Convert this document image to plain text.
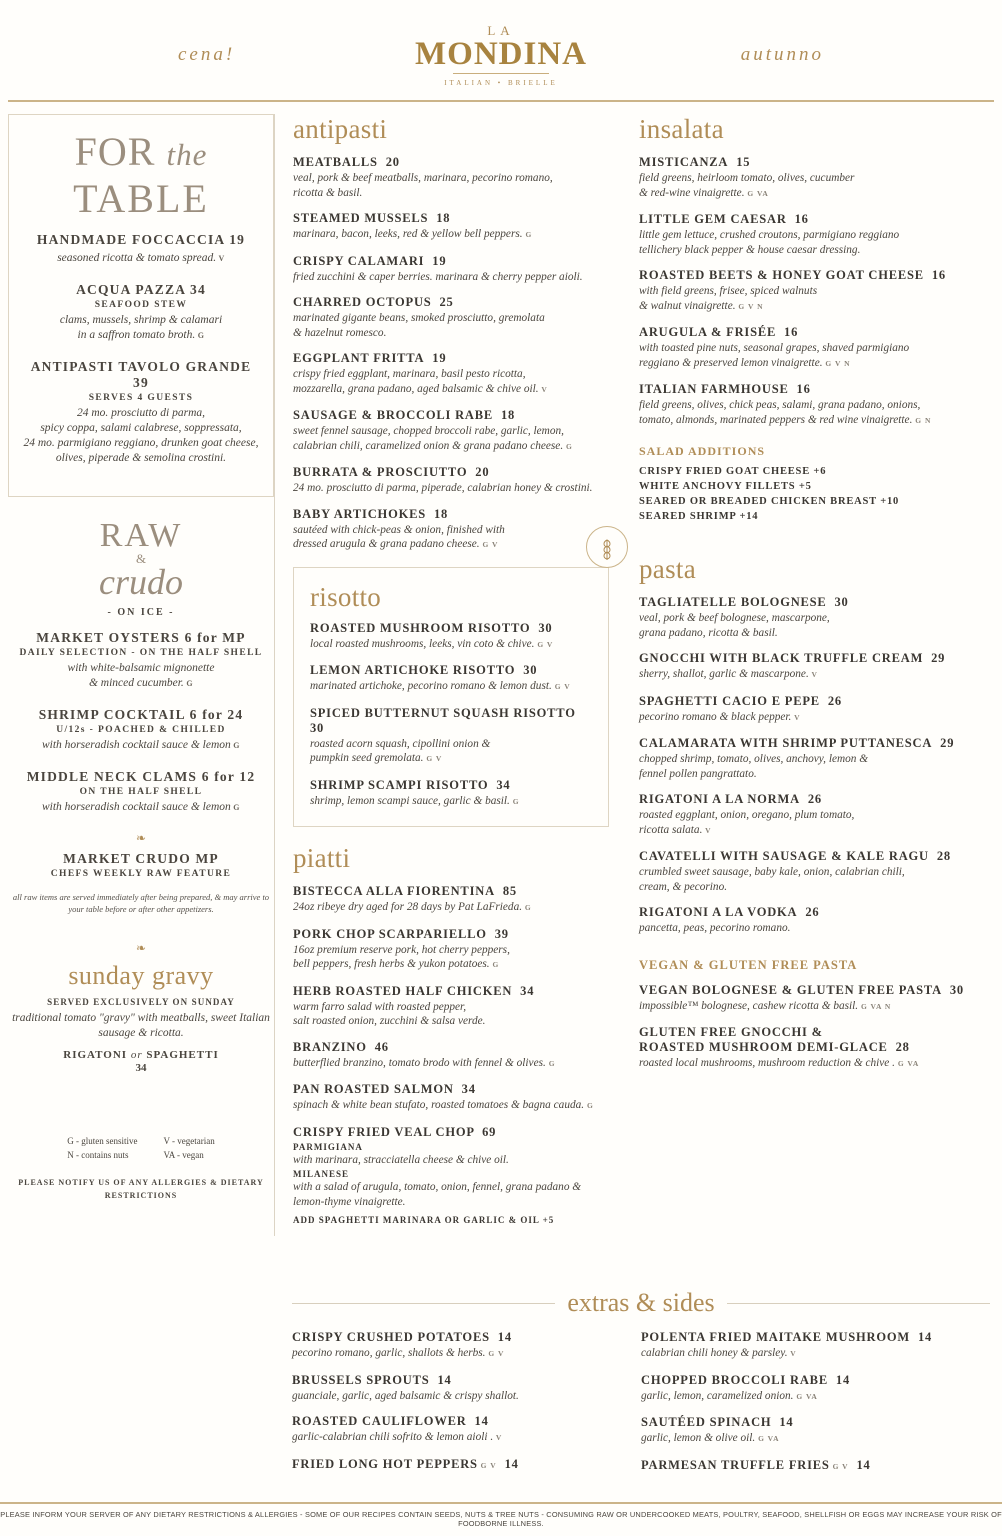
cena!
LA
MONDINA
ITALIAN • BRIELLE
autunno
FOR the
TABLE
HANDMADE FOCCACCIA 19
seasoned ricotta & tomato spread. V
ACQUA PAZZA 34
SEAFOOD STEW
clams, mussels, shrimp & calamari
in a saffron tomato broth. G
ANTIPASTI TAVOLO GRANDE 39
SERVES 4 GUESTS
24 mo. prosciutto di parma,
spicy coppa, salami calabrese, soppressata,
24 mo. parmigiano reggiano, drunken goat cheese,
olives, piperade & semolina crostini.
RAW
&
crudo
- ON ICE -
MARKET OYSTERS 6 for MP
DAILY SELECTION - ON THE HALF SHELL
with white-balsamic mignonette
& minced cucumber. G
SHRIMP COCKTAIL 6 for 24
U/12s - POACHED & CHILLED
with horseradish cocktail sauce & lemon G
MIDDLE NECK CLAMS 6 for 12
ON THE HALF SHELL
with horseradish cocktail sauce & lemon G
❧
MARKET CRUDO MP
CHEFS WEEKLY RAW FEATURE
all raw items are served immediately after being prepared, & may arrive to your table before or after other appetizers.
❧
sunday gravy
SERVED EXCLUSIVELY ON SUNDAY
traditional tomato "gravy" with meatballs, sweet Italian sausage & ricotta.
RIGATONI or SPAGHETTI
34
G - gluten sensitive
N - contains nuts
V - vegetarian
VA - vegan
PLEASE NOTIFY US OF ANY ALLERGIES & DIETARY RESTRICTIONS
antipasti
MEATBALLS 20
veal, pork & beef meatballs, marinara, pecorino romano,
ricotta & basil.
STEAMED MUSSELS 18
marinara, bacon, leeks, red & yellow bell peppers. G
CRISPY CALAMARI 19
fried zucchini & caper berries. marinara & cherry pepper aioli.
CHARRED OCTOPUS 25
marinated gigante beans, smoked prosciutto, gremolata
& hazelnut romesco.
EGGPLANT FRITTA 19
crispy fried eggplant, marinara, basil pesto ricotta,
mozzarella, grana padano, aged balsamic & chive oil. V
SAUSAGE & BROCCOLI RABE 18
sweet fennel sausage, chopped broccoli rabe, garlic, lemon,
calabrian chili, caramelized onion & grana padano cheese. G
BURRATA & PROSCIUTTO 20
24 mo. prosciutto di parma, piperade, calabrian honey & crostini.
BABY ARTICHOKES 18
sautéed with chick-peas & onion, finished with
dressed arugula & grana padano cheese. G V
risotto
ROASTED MUSHROOM RISOTTO 30
local roasted mushrooms, leeks, vin coto & chive. G V
LEMON ARTICHOKE RISOTTO 30
marinated artichoke, pecorino romano & lemon dust. G V
SPICED BUTTERNUT SQUASH RISOTTO 30
roasted acorn squash, cipollini onion &
pumpkin seed gremolata. G V
SHRIMP SCAMPI RISOTTO 34
shrimp, lemon scampi sauce, garlic & basil. G
piatti
BISTECCA ALLA FIORENTINA 85
24oz ribeye dry aged for 28 days by Pat LaFrieda. G
PORK CHOP SCARPARIELLO 39
16oz premium reserve pork, hot cherry peppers,
bell peppers, fresh herbs & yukon potatoes. G
HERB ROASTED HALF CHICKEN 34
warm farro salad with roasted pepper,
salt roasted onion, zucchini & salsa verde.
BRANZINO 46
butterflied branzino, tomato brodo with fennel & olives. G
PAN ROASTED SALMON 34
spinach & white bean stufato, roasted tomatoes & bagna cauda. G
CRISPY FRIED VEAL CHOP 69
PARMIGIANA
with marinara, stracciatella cheese & chive oil.
MILANESE
with a salad of arugula, tomato, onion, fennel, grana padano & lemon-thyme vinaigrette.
ADD SPAGHETTI MARINARA OR GARLIC & OIL +5
insalata
MISTICANZA 15
field greens, heirloom tomato, olives, cucumber
& red-wine vinaigrette. G VA
LITTLE GEM CAESAR 16
little gem lettuce, crushed croutons, parmigiano reggiano
tellichery black pepper & house caesar dressing.
ROASTED BEETS & HONEY GOAT CHEESE 16
with field greens, frisee, spiced walnuts
& walnut vinaigrette. G V N
ARUGULA & FRISÉE 16
with toasted pine nuts, seasonal grapes, shaved parmigiano
reggiano & preserved lemon vinaigrette. G V N
ITALIAN FARMHOUSE 16
field greens, olives, chick peas, salami, grana padano, onions,
tomato, almonds, marinated peppers & red wine vinaigrette. G N
SALAD ADDITIONS
CRISPY FRIED GOAT CHEESE +6
WHITE ANCHOVY FILLETS +5
SEARED OR BREADED CHICKEN BREAST +10
SEARED SHRIMP +14
pasta
TAGLIATELLE BOLOGNESE 30
veal, pork & beef bolognese, mascarpone,
grana padano, ricotta & basil.
GNOCCHI WITH BLACK TRUFFLE CREAM 29
sherry, shallot, garlic & mascarpone. V
SPAGHETTI CACIO E PEPE 26
pecorino romano & black pepper. V
CALAMARATA WITH SHRIMP PUTTANESCA 29
chopped shrimp, tomato, olives, anchovy, lemon &
fennel pollen pangrattato.
RIGATONI A LA NORMA 26
roasted eggplant, onion, oregano, plum tomato,
ricotta salata. V
CAVATELLI WITH SAUSAGE & KALE RAGU 28
crumbled sweet sausage, baby kale, onion, calabrian chili,
cream, & pecorino.
RIGATONI A LA VODKA 26
pancetta, peas, pecorino romano.
VEGAN & GLUTEN FREE PASTA
VEGAN BOLOGNESE & GLUTEN FREE PASTA 30
impossible™ bolognese, cashew ricotta & basil. G VA N
GLUTEN FREE GNOCCHI &
ROASTED MUSHROOM DEMI-GLACE 28
roasted local mushrooms, mushroom reduction & chive . G VA
extras & sides
CRISPY CRUSHED POTATOES 14
pecorino romano, garlic, shallots & herbs. G V
BRUSSELS SPROUTS 14
guanciale, garlic, aged balsamic & crispy shallot.
ROASTED CAULIFLOWER 14
garlic-calabrian chili sofrito & lemon aioli . V
FRIED LONG HOT PEPPERS G V 14
POLENTA FRIED MAITAKE MUSHROOM 14
calabrian chili honey & parsley. V
CHOPPED BROCCOLI RABE 14
garlic, lemon, caramelized onion. G VA
SAUTÉED SPINACH 14
garlic, lemon & olive oil. G VA
PARMESAN TRUFFLE FRIES G V 14
PLEASE INFORM YOUR SERVER OF ANY DIETARY RESTRICTIONS & ALLERGIES - SOME OF OUR RECIPES CONTAIN SEEDS, NUTS & TREE NUTS - CONSUMING RAW OR UNDERCOOKED MEATS, POULTRY, SEAFOOD, SHELLFISH OR EGGS MAY INCREASE YOUR RISK OF FOODBORNE ILLNESS.
